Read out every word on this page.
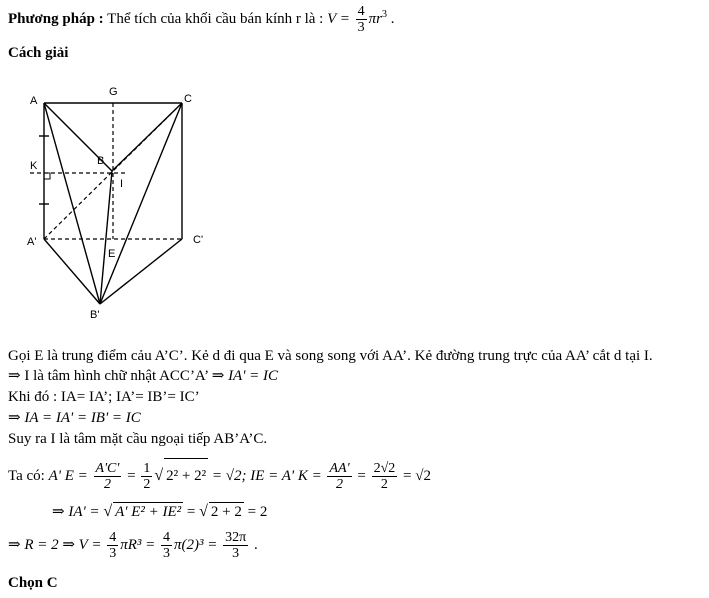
Phương pháp : Thể tích của khối cầu bán kính r là : $V = \frac{4}{3} \pi r^3$ .
Cách giải
A
G
C
B
K
I
A'	C'
E
B'
Gọi E là trung điểm cảu A’C’. Kẻ d đi qua E và song song với AA’. Kẻ đường trung trực của AA’ cắt d tại I.
⇒ I là tâm hình chữ nhật ACC’A’ ⇒ IA' = IC
Khi đó : IA= IA’; IA’= IB’= IC’
⇒ IA = IA' = IB' = IC
Suy ra I là tâm mặt cầu ngoại tiếp AB’A’C.
Ta có: A' $E = \frac{A'C'}{2} = \frac{1}{2}$ √ 2² + 2² = √2; IE = A' $K = \frac{AA'}{2} = \frac{2√2}{2} = √2$
⇒ IA' = √ A' E² + IE² = √ 2 + 2 = 2
⇒ R = 2 ⇒ $V = \frac{4}{3} \pi R^3 = \frac{4}{3} \pi(2)^3 = \frac{32\pi}{3}$ .
Chọn C
